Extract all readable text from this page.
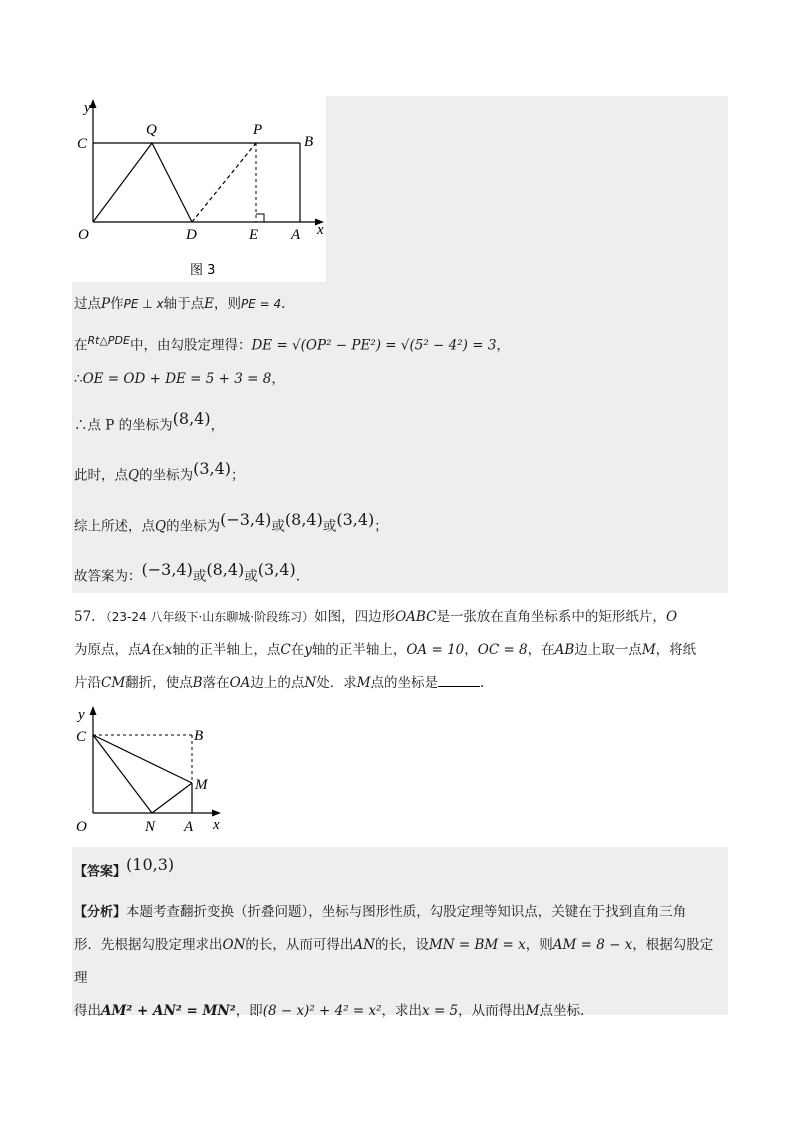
y
C
Q	P
B
O	D	E A x
图 3
过点P作PE ⊥ x轴于点E，则PE = 4.
在$^{Rt\triangle PDE}$中，由勾股定理得：DE = √(OP² − PE²) = √(5² − 4²) = 3，
∴OE = OD + DE = 5 + 3 = 8，
∴点 P 的坐标为(8,4)，
此时，点Q的坐标为(3,4)；
综上所述，点Q的坐标为(−3,4)或(8,4)或(3,4)；
故答案为：(−3,4)或(8,4)或(3,4).
57. （23-24 八年级下·山东聊城·阶段练习）如图，四边形OABC是一张放在直角坐标系中的矩形纸片，O
为原点，点A在x轴的正半轴上，点C在y轴的正半轴上，OA = 10，OC = 8，在AB边上取一点M，将纸
片沿CM翻折，使点B落在OA边上的点N处．求M点的坐标是	.
y
C	B
M
O	N A x
【答案】(10,3)
【分析】本题考查翻折变换（折叠问题），坐标与图形性质，勾股定理等知识点，关键在于找到直角三角
形．先根据勾股定理求出ON的长，从而可得出AN的长，设MN = BM = x，则AM = 8 − x，根据勾股定理
得出AM² + AN² = MN²，即(8 − x)² + 4² = x²，求出x = 5，从而得出M点坐标.
